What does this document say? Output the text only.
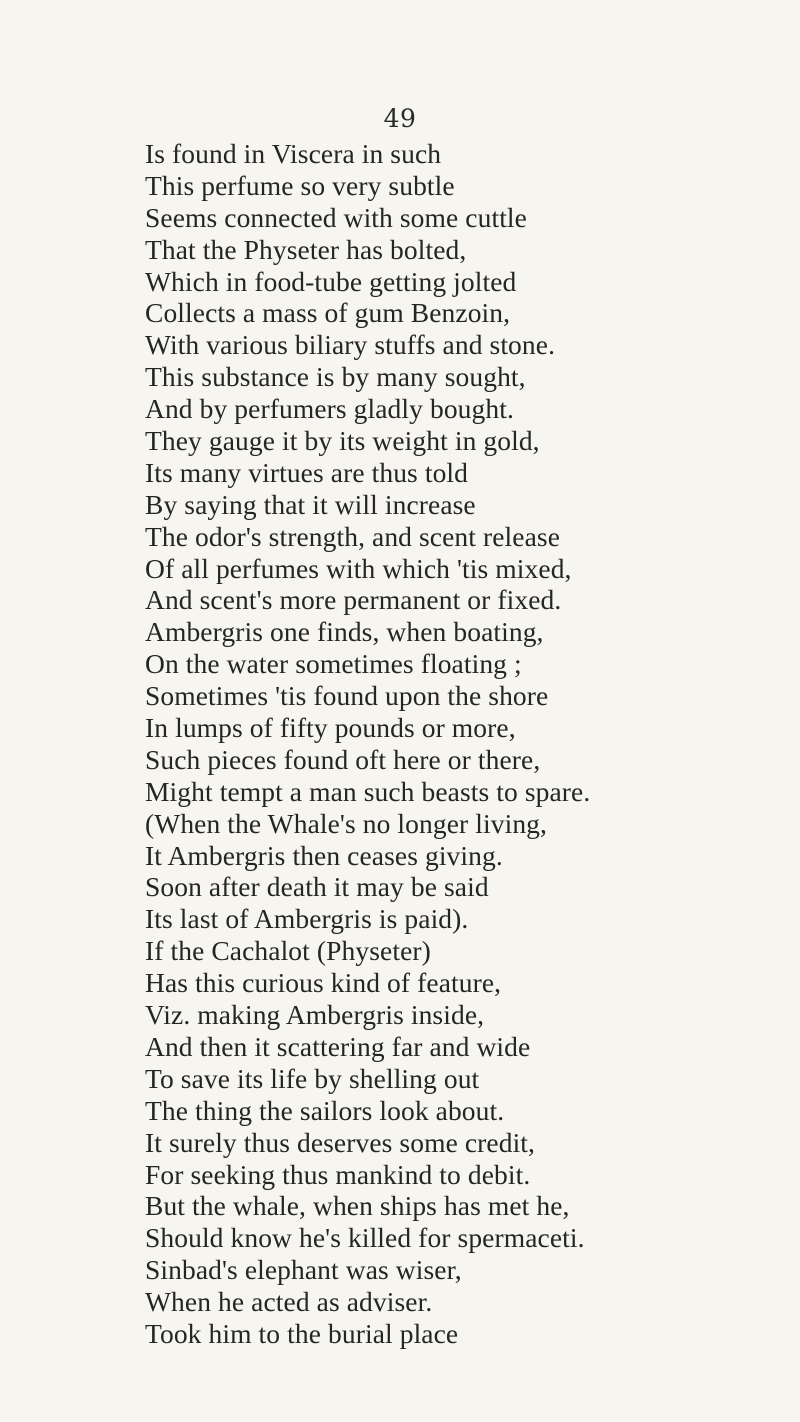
49
Is found in Viscera in such
This perfume so very subtle
Seems connected with some cuttle
That the Physeter has bolted,
Which in food-tube getting jolted
Collects a mass of gum Benzoin,
With various biliary stuffs and stone.
This substance is by many sought,
And by perfumers gladly bought.
They gauge it by its weight in gold,
Its many virtues are thus told
By saying that it will increase
The odor's strength, and scent release
Of all perfumes with which 'tis mixed,
And scent's more permanent or fixed.
Ambergris one finds, when boating,
On the water sometimes floating ;
Sometimes 'tis found upon the shore
In lumps of fifty pounds or more,
Such pieces found oft here or there,
Might tempt a man such beasts to spare.
(When the Whale's no longer living,
It Ambergris then ceases giving.
Soon after death it may be said
Its last of Ambergris is paid).
If the Cachalot (Physeter)
Has this curious kind of feature,
Viz. making Ambergris inside,
And then it scattering far and wide
To save its life by shelling out
The thing the sailors look about.
It surely thus deserves some credit,
For seeking thus mankind to debit.
But the whale, when ships has met he,
Should know he's killed for spermaceti.
Sinbad's elephant was wiser,
When he acted as adviser.
Took him to the burial place
